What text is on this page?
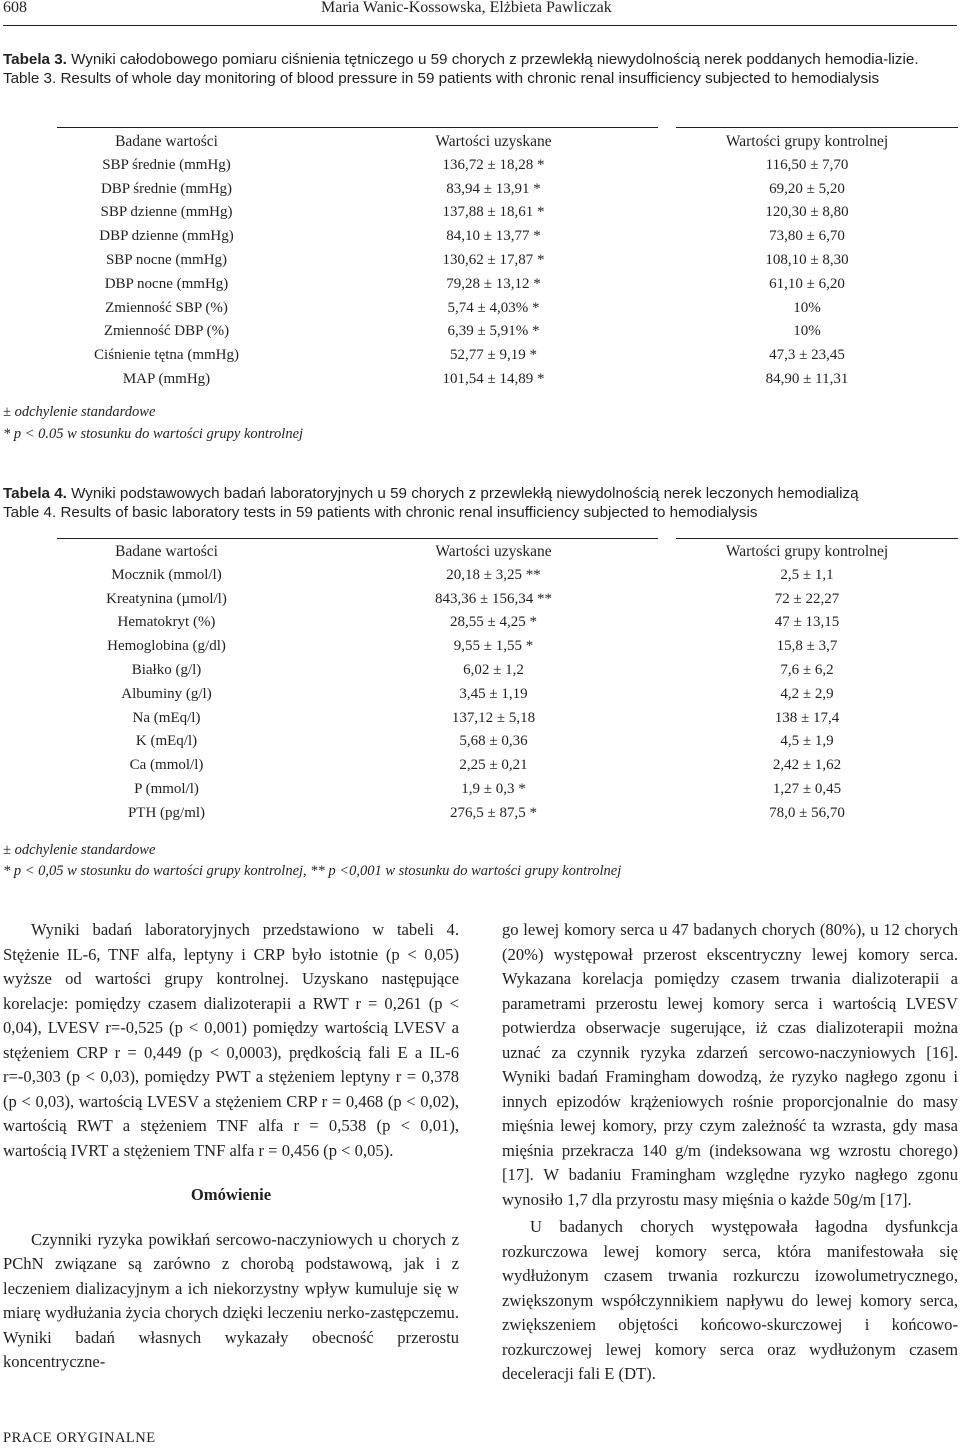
608	Maria Wanic-Kossowska, Elżbieta Pawliczak
Tabela 3. Wyniki całodobowego pomiaru ciśnienia tętniczego u 59 chorych z przewlekłą niewydolnością nerek poddanych hemodia-lizie.
Table 3. Results of whole day monitoring of blood pressure in 59 patients with chronic renal insufficiency subjected to hemodialysis
Badane wartości	Wartości uzyskane	Wartości grupy kontrolnej
SBP średnie (mmHg)	136,72 ± 18,28 *	116,50 ± 7,70
DBP średnie (mmHg)	83,94 ± 13,91 *	69,20 ± 5,20
SBP dzienne (mmHg)	137,88 ± 18,61 *	120,30 ± 8,80
DBP dzienne (mmHg)	84,10 ± 13,77 *	73,80 ± 6,70
SBP nocne (mmHg)	130,62 ± 17,87 *	108,10 ± 8,30
DBP nocne (mmHg)	79,28 ± 13,12 *	61,10 ± 6,20
Zmienność SBP (%)	5,74 ± 4,03% *	10%
Zmienność DBP (%)	6,39 ± 5,91% *	10%
Ciśnienie tętna (mmHg)	52,77 ± 9,19 *	47,3 ± 23,45
MAP (mmHg)	101,54 ± 14,89 *	84,90 ± 11,31
± odchylenie standardowe
* p < 0.05 w stosunku do wartości grupy kontrolnej
Tabela 4. Wyniki podstawowych badań laboratoryjnych u 59 chorych z przewlekłą niewydolnością nerek leczonych hemodializą
Table 4. Results of basic laboratory tests in 59 patients with chronic renal insufficiency subjected to hemodialysis
Badane wartości	Wartości uzyskane	Wartości grupy kontrolnej
Mocznik (mmol/l)	20,18 ± 3,25 **	2,5 ± 1,1
Kreatynina (µmol/l)	843,36 ± 156,34 **	72 ± 22,27
Hematokryt (%)	28,55 ± 4,25 *	47 ± 13,15
Hemoglobina (g/dl)	9,55 ± 1,55 *	15,8 ± 3,7
Białko (g/l)	6,02 ± 1,2	7,6 ± 6,2
Albuminy (g/l)	3,45 ± 1,19	4,2 ± 2,9
Na (mEq/l)	137,12 ± 5,18	138 ± 17,4
K (mEq/l)	5,68 ± 0,36	4,5 ± 1,9
Ca (mmol/l)	2,25 ± 0,21	2,42 ± 1,62
P (mmol/l)	1,9 ± 0,3 *	1,27 ± 0,45
PTH (pg/ml)	276,5 ± 87,5 *	78,0 ± 56,70
± odchylenie standardowe
* p < 0,05 w stosunku do wartości grupy kontrolnej, ** p <0,001 w stosunku do wartości grupy kontrolnej

Wyniki badań laboratoryjnych przedstawiono w tabeli 4. Stężenie IL-6, TNF alfa, leptyny i CRP było istotnie (p < 0,05) wyższe od wartości grupy kontrolnej. Uzyskano następujące korelacje: pomiędzy czasem dializoterapii a RWT r = 0,261 (p < 0,04), LVESV r=-0,525 (p < 0,001) pomiędzy wartością LVESV a stężeniem CRP r = 0,449 (p < 0,0003), prędkością fali E a IL-6 r=-0,303 (p < 0,03), pomiędzy PWT a stężeniem leptyny r = 0,378 (p < 0,03), wartością LVESV a stężeniem CRP r = 0,468 (p < 0,02), wartością RWT a stężeniem TNF alfa r = 0,538 (p < 0,01), wartością IVRT a stężeniem TNF alfa r = 0,456 (p < 0,05).

Omówienie

Czynniki ryzyka powikłań sercowo-naczyniowych u chorych z PChN związane są zarówno z chorobą podstawową, jak i z leczeniem dializacyjnym a ich niekorzystny wpływ kumuluje się w miarę wydłużania życia chorych dzięki leczeniu nerko-zastępczemu. Wyniki badań własnych wykazały obecność przerostu koncentryczne-

go lewej komory serca u 47 badanych chorych (80%), u 12 chorych (20%) występował przerost ekscentryczny lewej komory serca. Wykazana korelacja pomiędzy czasem trwania dializoterapii a parametrami przerostu lewej komory serca i wartością LVESV potwierdza obserwacje sugerujące, iż czas dializoterapii można uznać za czynnik ryzyka zdarzeń sercowo-naczyniowych [16]. Wyniki badań Framingham dowodzą, że ryzyko nagłego zgonu i innych epizodów krążeniowych rośnie proporcjonalnie do masy mięśnia lewej komory, przy czym zależność ta wzrasta, gdy masa mięśnia przekracza 140 g/m (indeksowana wg wzrostu chorego) [17]. W badaniu Framingham względne ryzyko nagłego zgonu wynosiło 1,7 dla przyrostu masy mięśnia o każde 50g/m [17].

U badanych chorych występowała łagodna dysfunkcja rozkurczowa lewej komory serca, która manifestowała się wydłużonym czasem trwania rozkurczu izowolumetrycznego, zwiększonym współczynnikiem napływu do lewej komory serca, zwiększeniem objętości końcowo-skurczowej i końcowo-rozkurczowej lewej komory serca oraz wydłużonym czasem deceleracji fali E (DT).

PRACE ORYGINALNE
